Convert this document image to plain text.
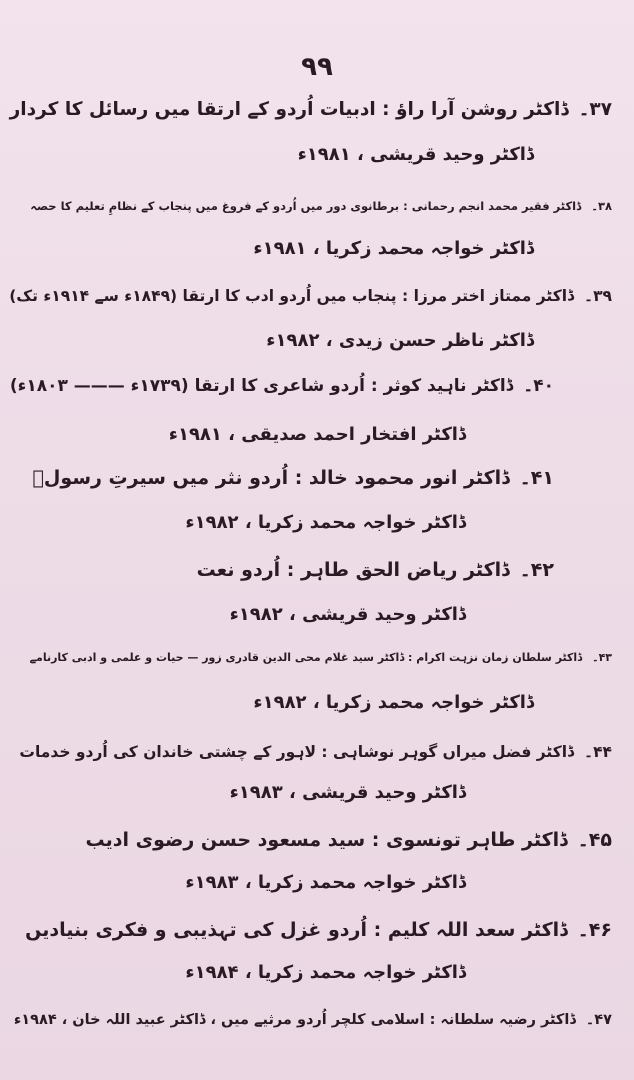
۹۹
۳۷۔ڈاکٹر روشن آرا راؤ : ادبیات اُردو کے ارتقا میں رسائل کا کردار
ڈاکٹر وحید قریشی ، ۱۹۸۱ء
۳۸۔ڈاکٹر فقیر محمد انجم رحمانی : برطانوی دور میں اُردو کے فروغ میں پنجاب کے نظامِ تعلیم کا حصہ
ڈاکٹر خواجہ محمد زکریا ، ۱۹۸۱ء
۳۹۔ڈاکٹر ممتاز اختر مرزا : پنجاب میں اُردو ادب کا ارتقا (۱۸۴۹ء سے ۱۹۱۴ء تک)
ڈاکٹر ناظر حسن زیدی ، ۱۹۸۲ء
۴۰۔ڈاکٹر ناہید کوثر : اُردو شاعری کا ارتقا (۱۷۳۹ء ——— ۱۸۰۳ء)
ڈاکٹر افتخار احمد صدیقی ، ۱۹۸۱ء
۴۱۔ڈاکٹر انور محمود خالد : اُردو نثر میں سیرتِ رسولؐ
ڈاکٹر خواجہ محمد زکریا ، ۱۹۸۲ء
۴۲۔ڈاکٹر ریاض الحق طاہر : اُردو نعت
ڈاکٹر وحید قریشی ، ۱۹۸۲ء
۴۳۔ڈاکٹر سلطان زمان نزہت اکرام : ڈاکٹر سید غلام محی الدین قادری زور — حیات و علمی و ادبی کارنامے
ڈاکٹر خواجہ محمد زکریا ، ۱۹۸۲ء
۴۴۔ڈاکٹر فضل میراں گوہر نوشاہی : لاہور کے چشتی خاندان کی اُردو خدمات
ڈاکٹر وحید قریشی ، ۱۹۸۳ء
۴۵۔ڈاکٹر طاہر تونسوی : سید مسعود حسن رضوی ادیب
ڈاکٹر خواجہ محمد زکریا ، ۱۹۸۳ء
۴۶۔ڈاکٹر سعد اللہ کلیم : اُردو غزل کی تہذیبی و فکری بنیادیں
ڈاکٹر خواجہ محمد زکریا ، ۱۹۸۴ء
۴۷۔ڈاکٹر رضیہ سلطانہ : اسلامی کلچر اُردو مرثیے میں ، ڈاکٹر عبید اللہ خان ، ۱۹۸۴ء
